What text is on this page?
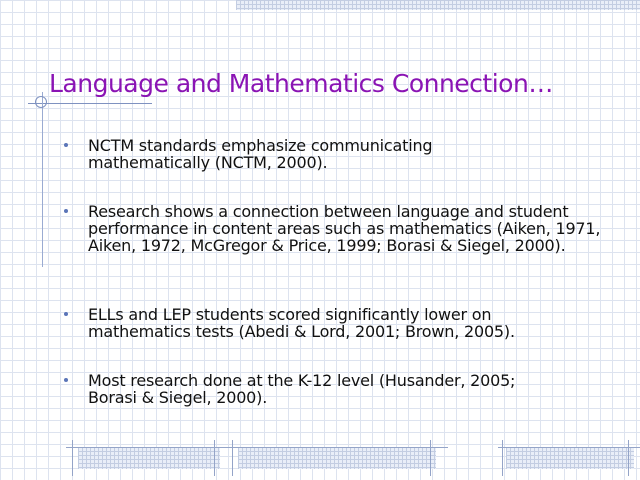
Language and Mathematics Connection…
NCTM standards emphasize communicating mathematically (NCTM, 2000).
Research shows a connection between language and student performance in content areas such as mathematics (Aiken, 1971, Aiken, 1972, McGregor & Price, 1999; Borasi & Siegel, 2000).
ELLs and LEP students scored significantly lower on mathematics tests (Abedi & Lord, 2001; Brown, 2005).
Most research done at the K-12 level (Husander, 2005; Borasi & Siegel, 2000).
